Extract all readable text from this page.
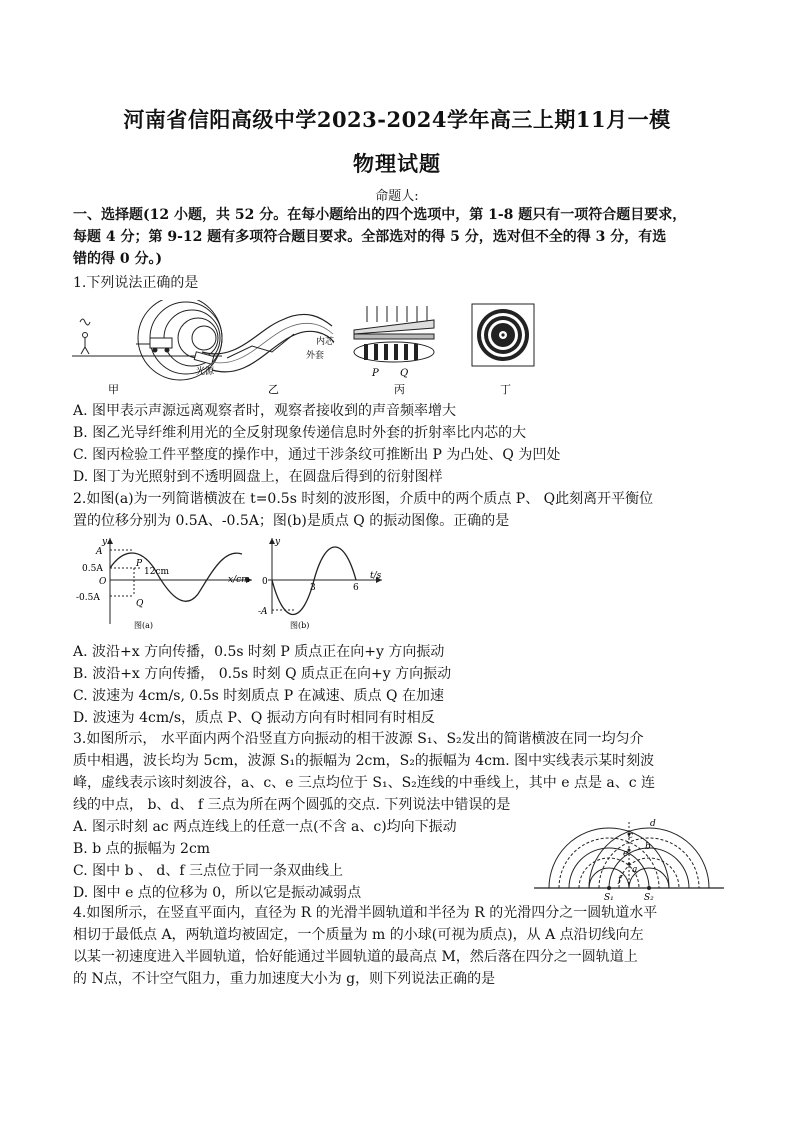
河南省信阳高级中学2023-2024学年高三上期11月一模
物理试题
命题人:
一、选择题(12 小题，共 52 分。在每小题给出的四个选项中，第 1-8 题只有一项符合题目要求，
每题 4 分；第 9-12 题有多项符合题目要求。全部选对的得 5 分，选对但不全的得 3 分，有选
错的得 0 分。)
1.下列说法正确的是
甲
光源
内芯
外套
乙
P Q
丙	丁
A. 图甲表示声源远离观察者时，观察者接收到的声音频率增大
B. 图乙光导纤维利用光的全反射现象传递信息时外套的折射率比内芯的大
C. 图丙检验工件平整度的操作中，通过干涉条纹可推断出 P 为凸处、Q 为凹处
D. 图丁为光照射到不透明圆盘上，在圆盘后得到的衍射图样
2.如图(a)为一列简谐横波在 t=0.5s 时刻的波形图，介质中的两个质点 P、 Q此刻离开平衡位
置的位移分别为 0.5A、-0.5A；图(b)是质点 Q 的振动图像。正确的是
y
A
0.5A
O
-0.5A
P
Q
12cm
x/cm
图(a)
y
0
3	6
t/s
-A
图(b)
A. 波沿+x 方向传播，0.5s 时刻 P 质点正在向+y 方向振动
B. 波沿+x 方向传播， 0.5s 时刻 Q 质点正在向+y 方向振动
C. 波速为 4cm/s, 0.5s 时刻质点 P 在减速、质点 Q 在加速
D. 波速为 4cm/s，质点 P、Q 振动方向有时相同有时相反
3.如图所示， 水平面内两个沿竖直方向振动的相干波源 S₁、S₂发出的简谐横波在同一均匀介
质中相遇，波长均为 5cm，波源 S₁的振幅为 2cm，S₂的振幅为 4cm. 图中实线表示某时刻波
峰，虚线表示该时刻波谷，a、c、e 三点均位于 S₁、S₂连线的中垂线上，其中 e 点是 a、c 连
线的中点， b、d、 f 三点为所在两个圆弧的交点. 下列说法中错误的是
A. 图示时刻 ac 两点连线上的任意一点(不含 a、c)均向下振动
B. b 点的振幅为 2cm
C. 图中 b 、 d、f 三点位于同一条双曲线上
D. 图中 e 点的位移为 0，所以它是振动减弱点
a
b
c
d
e
f
S₁	S₂
4.如图所示，在竖直平面内，直径为 R 的光滑半圆轨道和半径为 R 的光滑四分之一圆轨道水平
相切于最低点 A，两轨道均被固定，一个质量为 m 的小球(可视为质点)，从 A 点沿切线向左
以某一初速度进入半圆轨道，恰好能通过半圆轨道的最高点 M，然后落在四分之一圆轨道上
的 N点，不计空气阻力，重力加速度大小为 g，则下列说法正确的是
